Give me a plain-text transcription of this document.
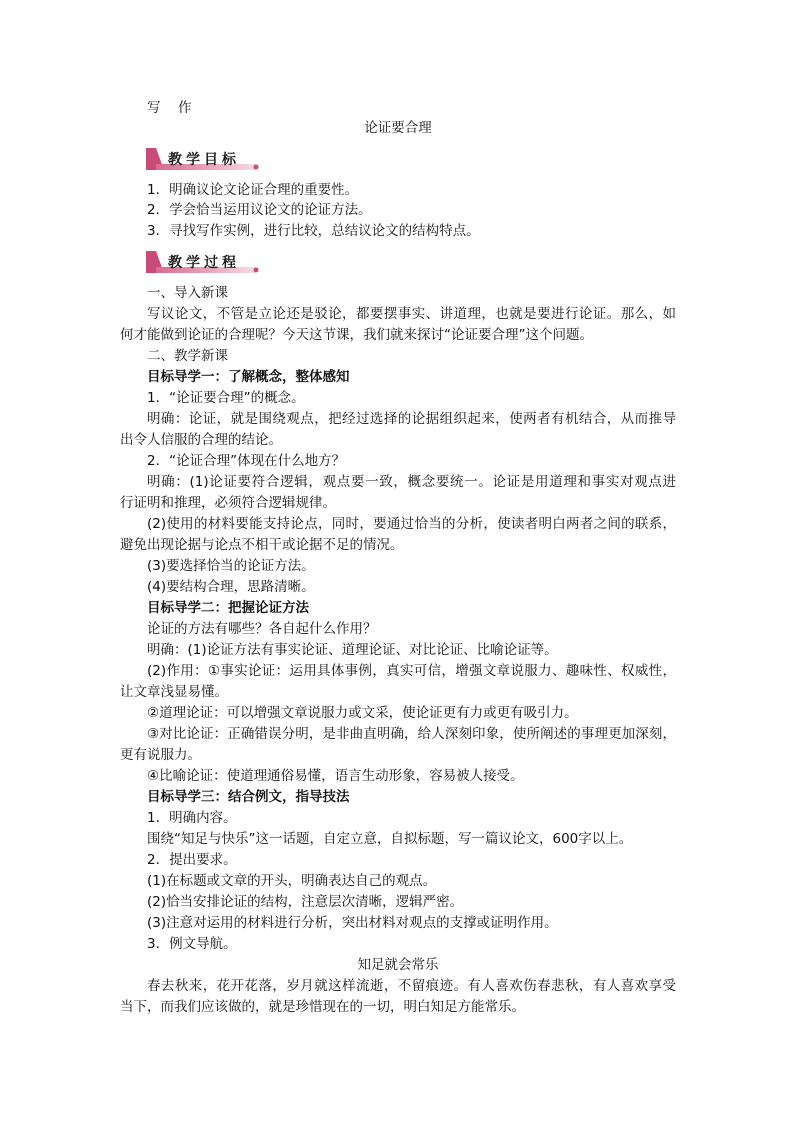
写　作
论证要合理
教学目标
1．明确议论文论证合理的重要性。
2．学会恰当运用议论文的论证方法。
3．寻找写作实例，进行比较，总结议论文的结构特点。
教学过程
一、导入新课
写议论文，不管是立论还是驳论，都要摆事实、讲道理，也就是要进行论证。那么，如
何才能做到论证的合理呢？今天这节课，我们就来探讨“论证要合理”这个问题。
二、教学新课
目标导学一：了解概念，整体感知
1．“论证要合理”的概念。
明确：论证，就是围绕观点，把经过选择的论据组织起来，使两者有机结合，从而推导
出令人信服的合理的结论。
2．“论证合理”体现在什么地方？
明确：(1)论证要符合逻辑，观点要一致，概念要统一。论证是用道理和事实对观点进
行证明和推理，必须符合逻辑规律。
(2)使用的材料要能支持论点，同时，要通过恰当的分析，使读者明白两者之间的联系，
避免出现论据与论点不相干或论据不足的情况。
(3)要选择恰当的论证方法。
(4)要结构合理，思路清晰。
目标导学二：把握论证方法
论证的方法有哪些？各自起什么作用？
明确：(1)论证方法有事实论证、道理论证、对比论证、比喻论证等。
(2)作用：①事实论证：运用具体事例，真实可信，增强文章说服力、趣味性、权威性，
让文章浅显易懂。
②道理论证：可以增强文章说服力或文采，使论证更有力或更有吸引力。
③对比论证：正确错误分明，是非曲直明确，给人深刻印象，使所阐述的事理更加深刻，
更有说服力。
④比喻论证：使道理通俗易懂，语言生动形象，容易被人接受。
目标导学三：结合例文，指导技法
1．明确内容。
围绕“知足与快乐”这一话题，自定立意，自拟标题，写一篇议论文，600字以上。
2．提出要求。
(1)在标题或文章的开头，明确表达自己的观点。
(2)恰当安排论证的结构，注意层次清晰，逻辑严密。
(3)注意对运用的材料进行分析，突出材料对观点的支撑或证明作用。
3．例文导航。
知足就会常乐
春去秋来，花开花落，岁月就这样流逝，不留痕迹。有人喜欢伤春悲秋，有人喜欢享受
当下，而我们应该做的，就是珍惜现在的一切，明白知足方能常乐。
